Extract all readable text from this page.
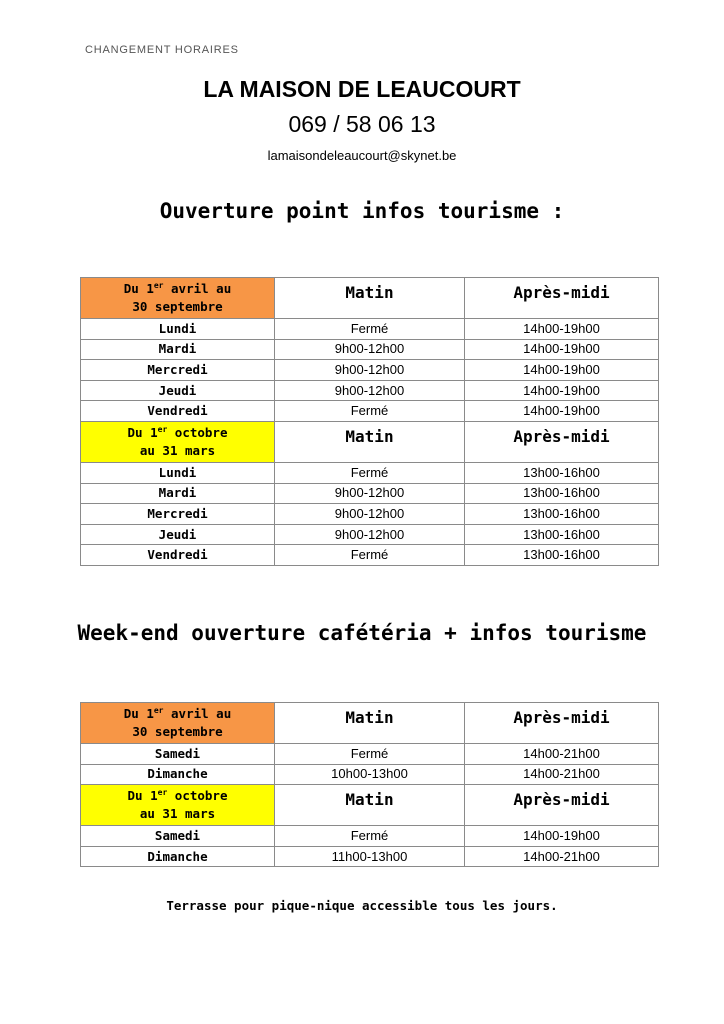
CHANGEMENT HORAIRES
LA MAISON DE LEAUCOURT
069 / 58 06 13
lamaisondeleaucourt@skynet.be
Ouverture point infos tourisme :
Du 1er avril au
30 septembre	Matin	Après-midi
Lundi	Fermé	14h00-19h00
Mardi	9h00-12h00	14h00-19h00
Mercredi	9h00-12h00	14h00-19h00
Jeudi	9h00-12h00	14h00-19h00
Vendredi	Fermé	14h00-19h00

Du 1er octobre
au 31 mars	Matin	Après-midi
Lundi	Fermé	13h00-16h00
Mardi	9h00-12h00	13h00-16h00
Mercredi	9h00-12h00	13h00-16h00
Jeudi	9h00-12h00	13h00-16h00
Vendredi	Fermé	13h00-16h00
Week-end ouverture cafétéria + infos tourisme
Du 1er avril au
30 septembre	Matin	Après-midi
Samedi	Fermé	14h00-21h00
Dimanche	10h00-13h00	14h00-21h00

Du 1er octobre
au 31 mars	Matin	Après-midi
Samedi	Fermé	14h00-19h00
Dimanche	11h00-13h00	14h00-21h00
Terrasse pour pique-nique accessible tous les jours.
